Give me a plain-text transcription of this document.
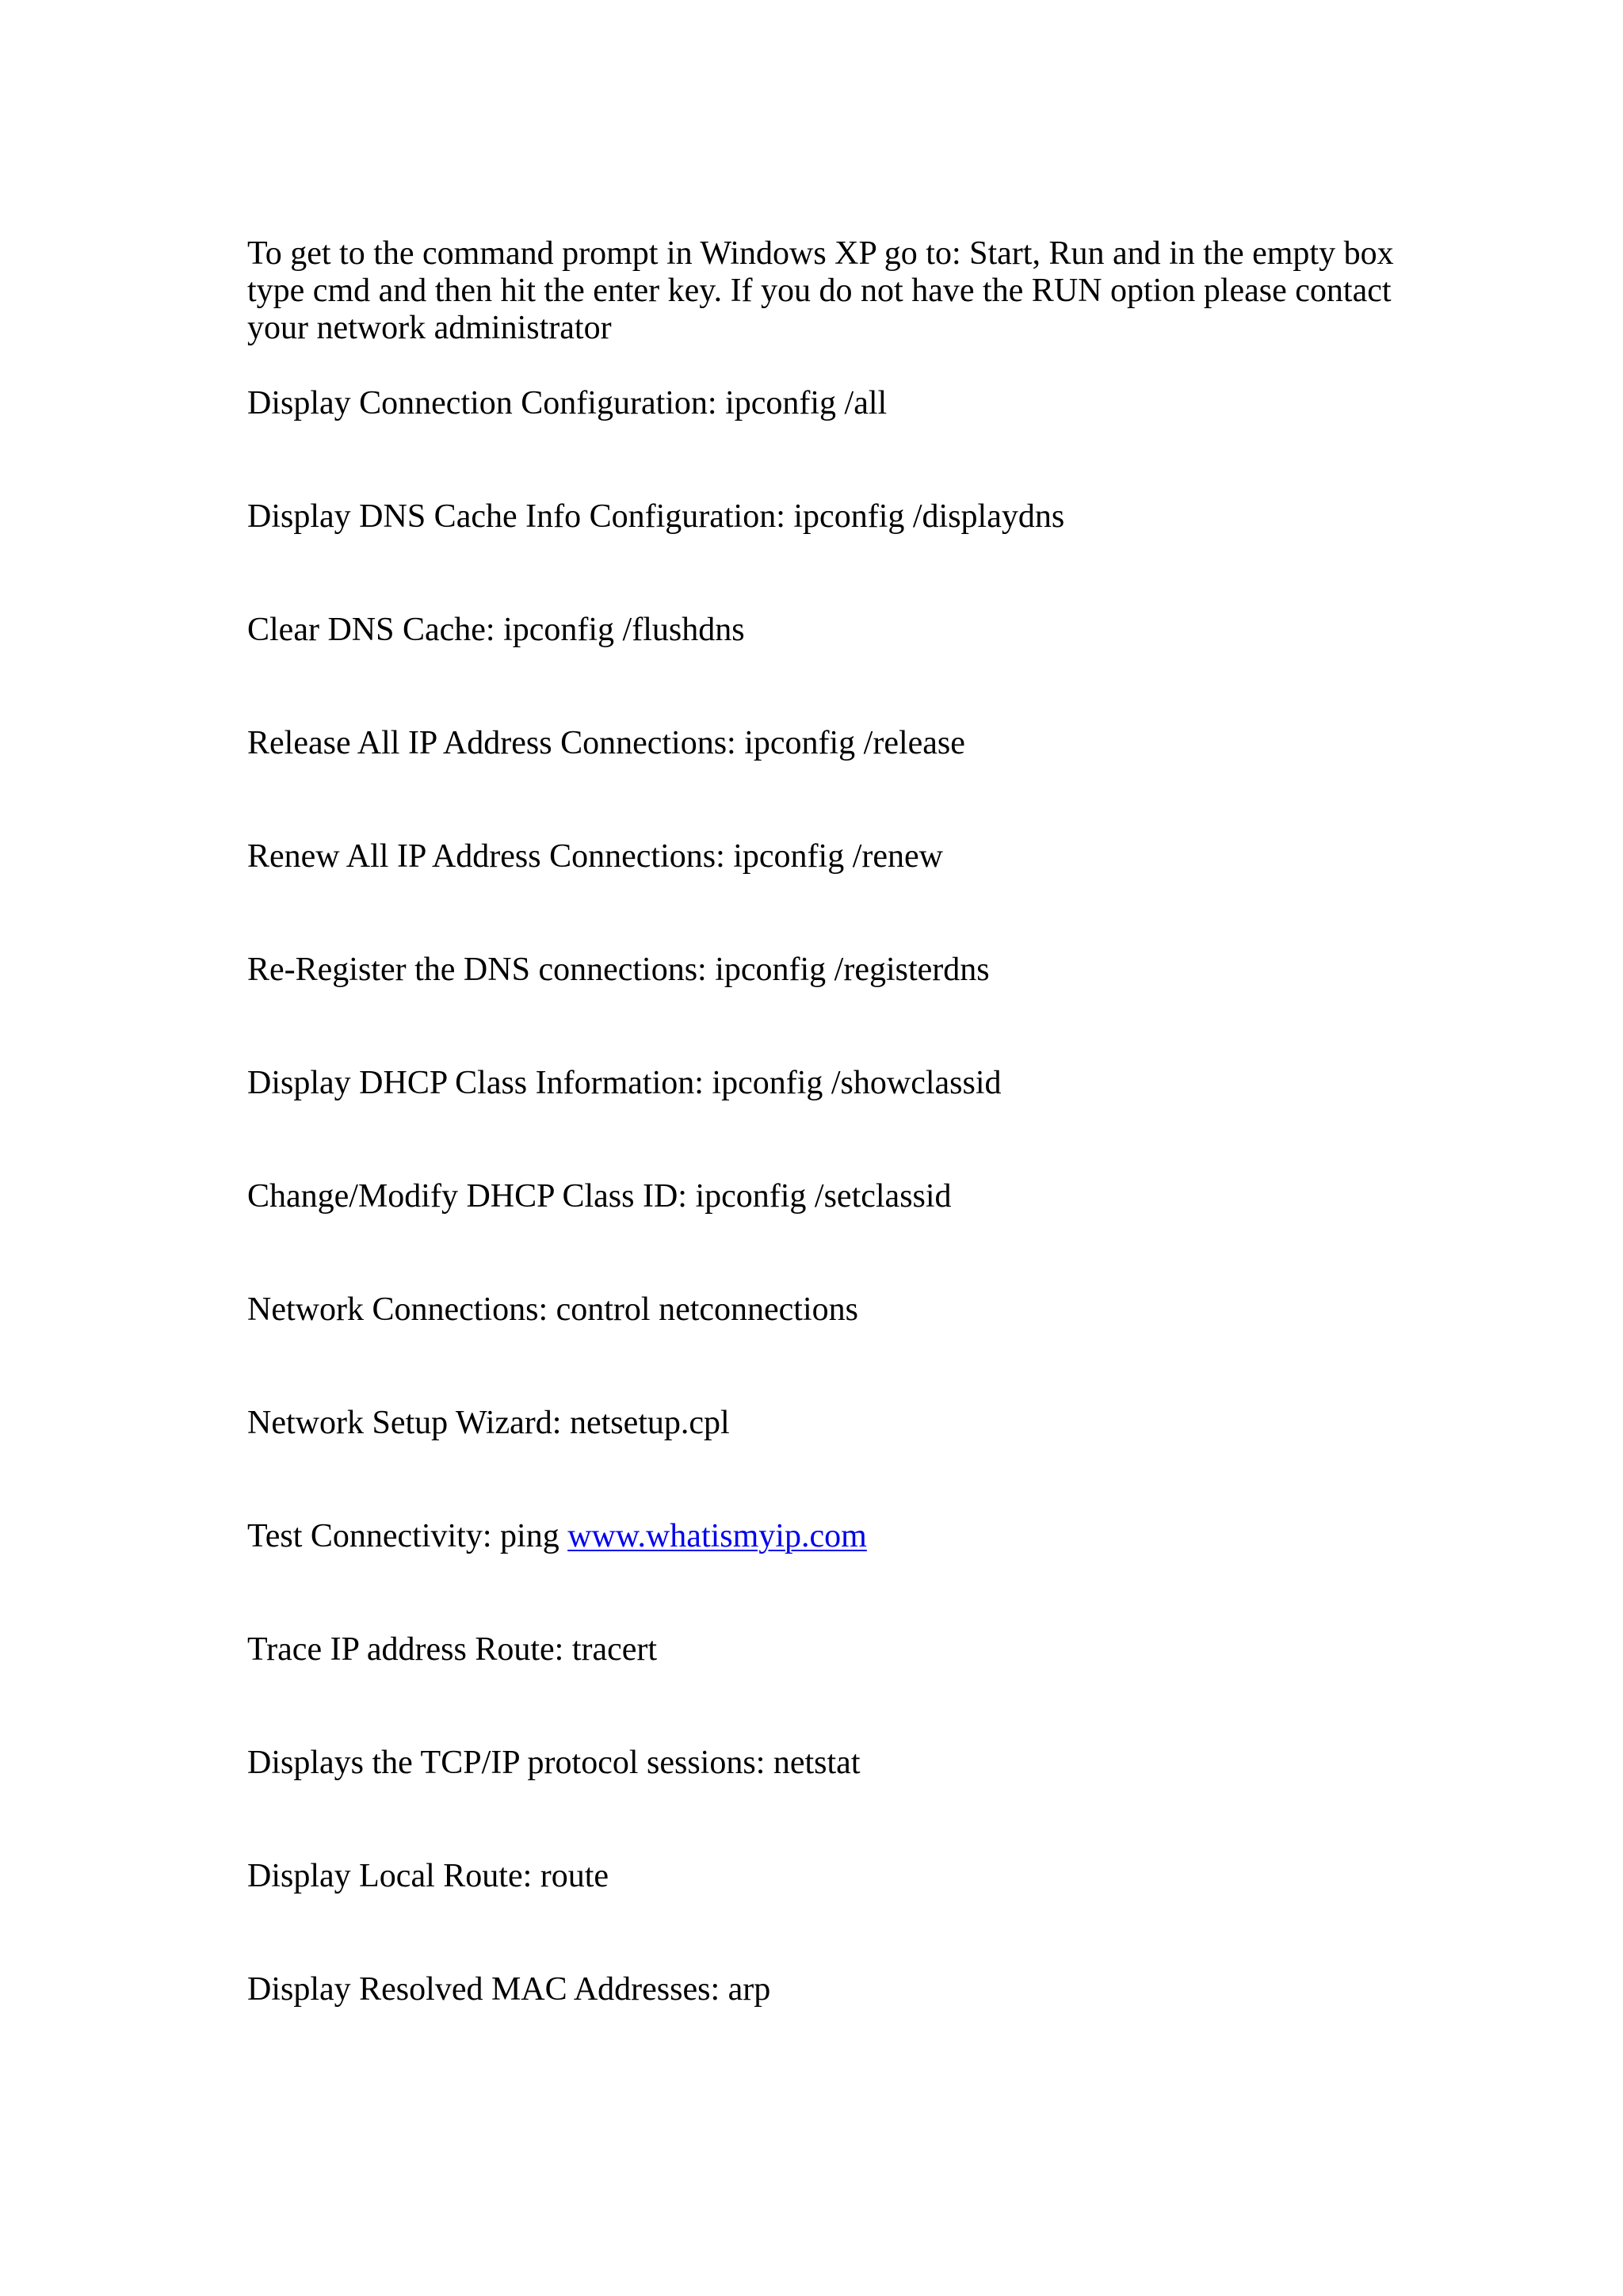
To get to the command prompt in Windows XP go to: Start, Run and in the empty box
type cmd and then hit the enter key. If you do not have the RUN option please contact
your network administrator

Display Connection Configuration: ipconfig /all
Display DNS Cache Info Configuration: ipconfig /displaydns
Clear DNS Cache: ipconfig /flushdns
Release All IP Address Connections: ipconfig /release
Renew All IP Address Connections: ipconfig /renew
Re-Register the DNS connections: ipconfig /registerdns
Display DHCP Class Information: ipconfig /showclassid
Change/Modify DHCP Class ID: ipconfig /setclassid
Network Connections: control netconnections
Network Setup Wizard: netsetup.cpl
Test Connectivity: ping www.whatismyip.com
Trace IP address Route: tracert
Displays the TCP/IP protocol sessions: netstat
Display Local Route: route
Display Resolved MAC Addresses: arp
